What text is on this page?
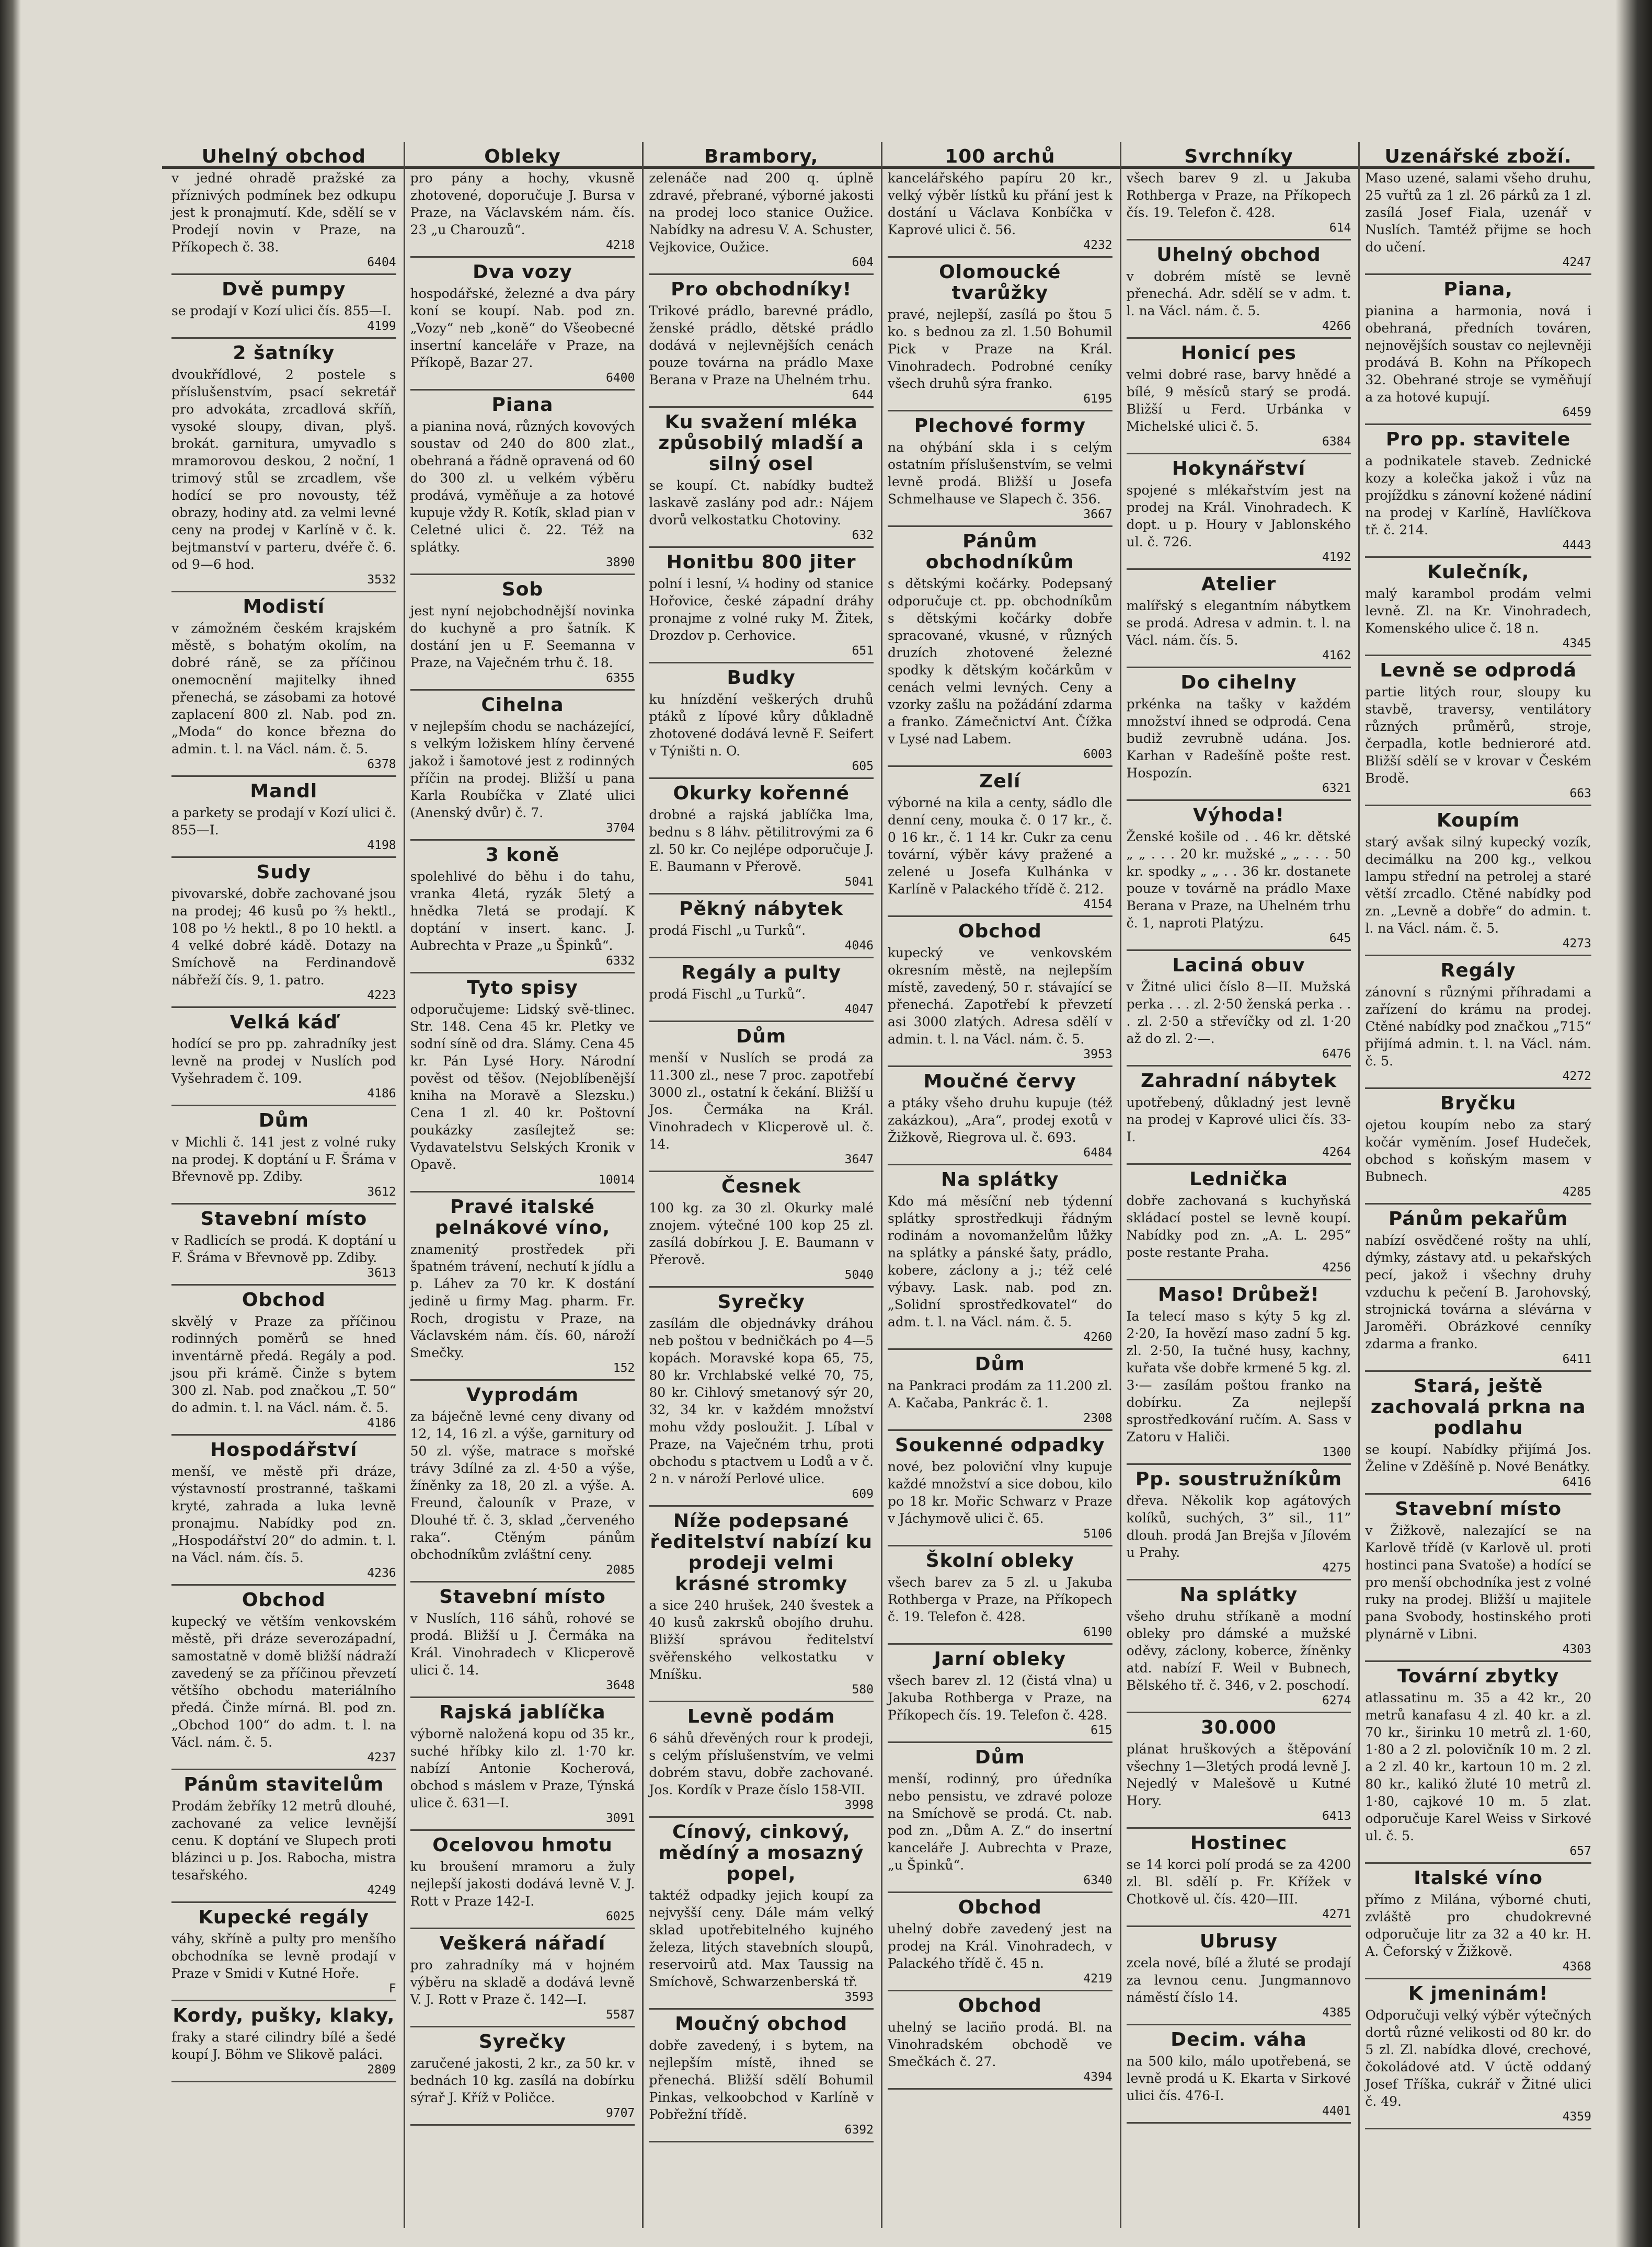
Uhelný obchod
v jedné ohradě pražské za příznivých podmínek bez odkupu jest k pronajmutí. Kde, sdělí se v Prodejí novin v Praze, na Příkopech č. 38.
6404
Dvě pumpy
se prodají v Kozí ulici čís. 855—I.
4199
2 šatníky
dvoukřídlové, 2 postele s příslušenstvím, psací sekretář pro advokáta, zrcadlová skříň, vysoké sloupy, divan, plyš. brokát. garnitura, umyvadlo s mramorovou deskou, 2 noční, 1 trimový stůl se zrcadlem, vše hodící se pro novousty, též obrazy, hodiny atd. za velmi levné ceny na prodej v Karlíně v č. k. bejtmanství v parteru, dvéře č. 6. od 9—6 hod.
3532
Modistí
v zámožném českém krajském městě, s bohatým okolím, na dobré ráně, se za příčinou onemocnění majitelky ihned přenechá, se zásobami za hotové zaplacení 800 zl. Nab. pod zn. „Moda“ do konce března do admin. t. l. na Václ. nám. č. 5.
6378
Mandl
a parkety se prodají v Kozí ulici č. 855—I.
4198
Sudy
pivovarské, dobře zachované jsou na prodej; 46 kusů po ⅔ hektl., 108 po ½ hektl., 8 po 10 hektl. a 4 velké dobré kádě. Dotazy na Smíchově na Ferdinandově nábřeží čís. 9, 1. patro.
4223
Velká káď
hodící se pro pp. zahradníky jest levně na prodej v Nuslích pod Vyšehradem č. 109.
4186
Dům
v Michli č. 141 jest z volné ruky na prodej. K doptání u F. Šráma v Břevnově pp. Zdiby.
3612
Stavební místo
v Radlicích se prodá. K doptání u F. Šráma v Břevnově pp. Zdiby.
3613
Obchod
skvělý v Praze za příčinou rodinných poměrů se hned inventárně předá. Regály a pod. jsou při krámě. Činže s bytem 300 zl. Nab. pod značkou „T. 50“ do admin. t. l. na Václ. nám. č. 5.
4186
Hospodářství
menší, ve městě při dráze, výstavností prostranné, taškami kryté, zahrada a luka levně pronajmu. Nabídky pod zn. „Hospodářství 20“ do admin. t. l. na Václ. nám. čís. 5.
4236
Obchod
kupecký ve větším venkovském městě, při dráze severozápadní, samostatně v domě bližší nádraží zavedený se za příčinou převzetí většího obchodu materiálního předá. Činže mírná. Bl. pod zn. „Obchod 100“ do adm. t. l. na Václ. nám. č. 5.
4237
Pánům stavitelům
Prodám žebříky 12 metrů dlouhé, zachované za velice levnější cenu. K doptání ve Slupech proti blázinci u p. Jos. Rabocha, mistra tesařského.
4249
Kupecké regály
váhy, skříně a pulty pro menšího obchodníka se levně prodají v Praze v Smidi v Kutné Hoře.
F
Kordy, pušky, klaky,
fraky a staré cilindry bílé a šedé koupí J. Böhm ve Slikově paláci.
2809
Obleky
pro pány a hochy, vkusně zhotovené, doporučuje J. Bursa v Praze, na Václavském nám. čís. 23 „u Charouzů“.
4218
Dva vozy
hospodářské, železné a dva páry koní se koupí. Nab. pod zn. „Vozy“ neb „koně“ do Všeobecné insertní kanceláře v Praze, na Příkopě, Bazar 27.
6400
Piana
a pianina nová, různých kovových soustav od 240 do 800 zlat., obehraná a řádně opravená od 60 do 300 zl. u velkém výběru prodává, vyměňuje a za hotové kupuje vždy R. Kotík, sklad pian v Celetné ulici č. 22. Též na splátky.
3890
Sob
jest nyní nejobchodnější novinka do kuchyně a pro šatník. K dostání jen u F. Seemanna v Praze, na Vaječném trhu č. 18.
6355
Cihelna
v nejlepším chodu se nacházející, s velkým ložiskem hlíny červené jakož i šamotové jest z rodinných příčin na prodej. Bližší u pana Karla Roubíčka v Zlaté ulici (Anenský dvůr) č. 7.
3704
3 koně
spolehlivé do běhu i do tahu, vranka 4letá, ryzák 5letý a hnědka 7letá se prodají. K doptání v insert. kanc. J. Aubrechta v Praze „u Špinků“.
6332
Tyto spisy
odporučujeme: Lidský svě-tlinec. Str. 148. Cena 45 kr. Pletky ve sodní síně od dra. Slámy. Cena 45 kr. Pán Lysé Hory. Národní pověst od těšov. (Nejoblíbenější kniha na Moravě a Slezsku.) Cena 1 zl. 40 kr. Poštovní poukázky zasílejtež se: Vydavatelstvu Selských Kronik v Opavě.
10014
Pravé italské pelnákové víno,
znamenitý prostředek při špatném trávení, nechutí k jídlu a p. Láhev za 70 kr. K dostání jedině u firmy Mag. pharm. Fr. Roch, drogistu v Praze, na Václavském nám. čís. 60, nároží Smečky.
152
Vyprodám
za báječně levné ceny divany od 12, 14, 16 zl. a výše, garnitury od 50 zl. výše, matrace s mořské trávy 3dílné za zl. 4·50 a výše, žíněnky za 18, 20 zl. a výše. A. Freund, čalouník v Praze, v Dlouhé tř. č. 3, sklad „červeného raka“. Ctěným pánům obchodníkům zvláštní ceny.
2085
Stavební místo
v Nuslích, 116 sáhů, rohové se prodá. Bližší u J. Čermáka na Král. Vinohradech v Klicperově ulici č. 14.
3648
Rajská jablíčka
výborně naložená kopu od 35 kr., suché hříbky kilo zl. 1·70 kr. nabízí Antonie Kocherová, obchod s máslem v Praze, Týnská ulice č. 631—I.
3091
Ocelovou hmotu
ku broušení mramoru a žuly nejlepší jakosti dodává levně V. J. Rott v Praze 142-I.
6025
Veškerá nářadí
pro zahradníky má v hojném výběru na skladě a dodává levně V. J. Rott v Praze č. 142—I.
5587
Syrečky
zaručené jakosti, 2 kr., za 50 kr. v bednách 10 kg. zasílá na dobírku sýrař J. Kříž v Poličce.
9707
Brambory,
zelenáče nad 200 q. úplně zdravé, přebrané, výborné jakosti na prodej loco stanice Oužice. Nabídky na adresu V. A. Schuster, Vejkovice, Oužice.
604
Pro obchodníky!
Trikové prádlo, barevné prádlo, ženské prádlo, dětské prádlo dodává v nejlevnějších cenách pouze továrna na prádlo Maxe Berana v Praze na Uhelném trhu.
644
Ku svažení mléka způsobilý mladší a silný osel
se koupí. Ct. nabídky budtež laskavě zaslány pod adr.: Nájem dvorů velkostatku Chotoviny.
632
Honitbu 800 jiter
polní i lesní, ¼ hodiny od stanice Hořovice, české západní dráhy pronajme z volné ruky M. Žitek, Drozdov p. Cerhovice.
651
Budky
ku hnízdění veškerých druhů ptáků z lípové kůry důkladně zhotovené dodává levně F. Seifert v Týništi n. O.
605
Okurky kořenné
drobné a rajská jablíčka lma, bednu s 8 láhv. pětilitrovými za 6 zl. 50 kr. Co nejlépe odporučuje J. E. Baumann v Přerově.
5041
Pěkný nábytek
prodá Fischl „u Turků“.
4046
Regály a pulty
prodá Fischl „u Turků“.
4047
Dům
menší v Nuslích se prodá za 11.300 zl., nese 7 proc. zapotřebí 3000 zl., ostatní k čekání. Bližší u Jos. Čermáka na Král. Vinohradech v Klicperově ul. č. 14.
3647
Česnek
100 kg. za 30 zl. Okurky malé znojem. výtečné 100 kop 25 zl. zasílá dobírkou J. E. Baumann v Přerově.
5040
Syrečky
zasílám dle objednávky dráhou neb poštou v bedničkách po 4—5 kopách. Moravské kopa 65, 75, 80 kr. Vrchlabské velké 70, 75, 80 kr. Cihlový smetanový sýr 20, 32, 34 kr. v každém množství mohu vždy posloužit. J. Líbal v Praze, na Vaječném trhu, proti obchodu s ptactvem u Lodů a v č. 2 n. v nároží Perlové ulice.
609
Níže podepsané ředitelství nabízí ku prodeji velmi krásné stromky
a sice 240 hrušek, 240 švestek a 40 kusů zakrsků obojího druhu. Bližší správou ředitelství svěřenského velkostatku v Mníšku.
580
Levně podám
6 sáhů dřevěných rour k prodeji, s celým příslušenstvím, ve velmi dobrém stavu, dobře zachované. Jos. Kordík v Praze číslo 158-VII.
3998
Cínový, cinkový, mědíný a mosazný popel,
taktéž odpadky jejich koupí za nejvyšší ceny. Dále mám velký sklad upotřebitelného kujného železa, litých stavebních sloupů, reservoirů atd. Max Taussig na Smíchově, Schwarzenberská tř.
3593
Moučný obchod
dobře zavedený, i s bytem, na nejlepším místě, ihned se přenechá. Bližší sdělí Bohumil Pinkas, velkoobchod v Karlíně v Pobřežní třídě.
6392
100 archů
kancelářského papíru 20 kr., velký výběr lístků ku přání jest k dostání u Václava Konbíčka v Kaprové ulici č. 56.
4232
Olomoucké tvarůžky
pravé, nejlepší, zasílá po štou 5 ko. s bednou za zl. 1.50 Bohumil Pick v Praze na Král. Vinohradech. Podrobné ceníky všech druhů sýra franko.
6195
Plechové formy
na ohýbání skla i s celým ostatním příslušenstvím, se velmi levně prodá. Bližší u Josefa Schmelhause ve Slapech č. 356.
3667
Pánům obchodníkům
s dětskými kočárky. Podepsaný odporučuje ct. pp. obchodníkům s dětskými kočárky dobře spracované, vkusné, v různých druzích zhotovené železné spodky k dětským kočárkům v cenách velmi levných. Ceny a vzorky zašlu na požádání zdarma a franko. Zámečnictví Ant. Čížka v Lysé nad Labem.
6003
Zelí
výborné na kila a centy, sádlo dle denní ceny, mouka č. 0 17 kr., č. 0 16 kr., č. 1 14 kr. Cukr za cenu tovární, výběr kávy pražené a zelené u Josefa Kulhánka v Karlíně v Palackého třídě č. 212.
4154
Obchod
kupecký ve venkovském okresním městě, na nejlepším místě, zavedený, 50 r. stávající se přenechá. Zapotřebí k převzetí asi 3000 zlatých. Adresa sdělí v admin. t. l. na Václ. nám. č. 5.
3953
Moučné červy
a ptáky všeho druhu kupuje (též zakázkou), „Ara“, prodej exotů v Žižkově, Riegrova ul. č. 693.
6484
Na splátky
Kdo má měsíční neb týdenní splátky sprostředkuji řádným rodinám a novomanželům lůžky na splátky a pánské šaty, prádlo, kobere, záclony a j.; též celé výbavy. Lask. nab. pod zn. „Solidní sprostředkovatel“ do adm. t. l. na Václ. nám. č. 5.
4260
Dům
na Pankraci prodám za 11.200 zl. A. Kačaba, Pankrác č. 1.
2308
Soukenné odpadky
nové, bez poloviční vlny kupuje každé množství a sice dobou, kilo po 18 kr. Mořic Schwarz v Praze v Jáchymově ulici č. 65.
5106
Školní obleky
všech barev za 5 zl. u Jakuba Rothberga v Praze, na Příkopech č. 19. Telefon č. 428.
6190
Jarní obleky
všech barev zl. 12 (čistá vlna) u Jakuba Rothberga v Praze, na Příkopech čís. 19. Telefon č. 428.
615
Dům
menší, rodinný, pro úředníka nebo pensistu, ve zdravé poloze na Smíchově se prodá. Ct. nab. pod zn. „Dům A. Z.“ do insertní kanceláře J. Aubrechta v Praze, „u Špinků“.
6340
Obchod
uhelný dobře zavedený jest na prodej na Král. Vinohradech, v Palackého třídě č. 45 n.
4219
Obchod
uhelný se laciño prodá. Bl. na Vinohradském obchodě ve Smečkách č. 27.
4394
Svrchníky
všech barev 9 zl. u Jakuba Rothberga v Praze, na Příkopech čís. 19. Telefon č. 428.
614
Uhelný obchod
v dobrém místě se levně přenechá. Adr. sdělí se v adm. t. l. na Václ. nám. č. 5.
4266
Honicí pes
velmi dobré rase, barvy hnědé a bílé, 9 měsíců starý se prodá. Bližší u Ferd. Urbánka v Michelské ulici č. 5.
6384
Hokynářství
spojené s mlékařstvím jest na prodej na Král. Vinohradech. K dopt. u p. Houry v Jablonského ul. č. 726.
4192
Atelier
malířský s elegantním nábytkem se prodá. Adresa v admin. t. l. na Václ. nám. čís. 5.
4162
Do cihelny
prkénka na tašky v každém množství ihned se odprodá. Cena budiž zevrubně udána. Jos. Karhan v Radešíně pošte rest. Hospozín.
6321
Výhoda!
Ženské košile od . . 46 kr. dětské „ „ . . . 20 kr. mužské „ „ . . . 50 kr. spodky „ „ . . 36 kr. dostanete pouze v továrně na prádlo Maxe Berana v Praze, na Uhelném trhu č. 1, naproti Platýzu.
645
Laciná obuv
v Žitné ulici číslo 8—II. Mužská perka . . . zl. 2·50 ženská perka . . . zl. 2·50 a střevíčky od zl. 1·20 až do zl. 2·—.
6476
Zahradní nábytek
upotřebený, důkladný jest levně na prodej v Kaprové ulici čís. 33-I.
4264
Lednička
dobře zachovaná s kuchyňská skládací postel se levně koupí. Nabídky pod zn. „A. L. 295“ poste restante Praha.
4256
Maso! Drůbež!
Ia telecí maso s kýty 5 kg zl. 2·20, Ia hovězí maso zadní 5 kg. zl. 2·50, Ia tučné husy, kachny, kuřata vše dobře krmené 5 kg. zl. 3·— zasílám poštou franko na dobírku. Za nejlepší sprostředkování ručím. A. Sass v Zatoru v Haliči.
1300
Pp. soustružníkům
dřeva. Několik kop agátových kolíků, suchých, 3” sil., 11” dlouh. prodá Jan Brejša v Jílovém u Prahy.
4275
Na splátky
všeho druhu stříkaně a modní obleky pro dámské a mužské oděvy, záclony, koberce, žíněnky atd. nabízí F. Weil v Bubnech, Bělského tř. č. 346, v 2. poschodí.
6274
30.000
plánat hruškových a štěpování všechny 1—3letých prodá levně J. Nejedlý v Malešově u Kutné Hory.
6413
Hostinec
se 14 korci polí prodá se za 4200 zl. Bl. sdělí p. Fr. Křížek v Chotkově ul. čís. 420—III.
4271
Ubrusy
zcela nové, bílé a žluté se prodají za levnou cenu. Jungmannovo náměstí číslo 14.
4385
Decim. váha
na 500 kilo, málo upotřebená, se levně prodá u K. Ekarta v Sirkové ulici čís. 476-I.
4401
Uzenářské zboží.
Maso uzené, salami všeho druhu, 25 vuřtů za 1 zl. 26 párků za 1 zl. zasílá Josef Fiala, uzenář v Nuslích. Tamtéž přijme se hoch do učení.
4247
Piana,
pianina a harmonia, nová i obehraná, předních továren, nejnovějších soustav co nejlevněji prodává B. Kohn na Příkopech 32. Obehrané stroje se vyměňují a za hotové kupují.
6459
Pro pp. stavitele
a podnikatele staveb. Zednické kozy a kolečka jakož i vůz na projíždku s zánovní kožené nádiní na prodej v Karlíně, Havlíčkova tř. č. 214.
4443
Kulečník,
malý karambol prodám velmi levně. Zl. na Kr. Vinohradech, Komenského ulice č. 18 n.
4345
Levně se odprodá
partie litých rour, sloupy ku stavbě, traversy, ventilátory různých průměrů, stroje, čerpadla, kotle bednieroré atd. Bližší sdělí se v krovar v Českém Brodě.
663
Koupím
starý avšak silný kupecký vozík, decimálku na 200 kg., velkou lampu střední na petrolej a staré větší zrcadlo. Ctěné nabídky pod zn. „Levně a dobře“ do admin. t. l. na Václ. nám. č. 5.
4273
Regály
zánovní s různými příhradami a zařízení do krámu na prodej. Ctěné nabídky pod značkou „715“ přijímá admin. t. l. na Václ. nám. č. 5.
4272
Bryčku
ojetou koupím nebo za starý kočár vyměním. Josef Hudeček, obchod s koňským masem v Bubnech.
4285
Pánům pekařům
nabízí osvědčené rošty na uhlí, dýmky, zástavy atd. u pekařských pecí, jakož i všechny druhy vzduchu k pečení B. Jarohovský, strojnická továrna a slévárna v Jaroměři. Obrázkové cenníky zdarma a franko.
6411
Stará, ještě zachovalá prkna na podlahu
se koupí. Nabídky přijímá Jos. Želine v Zděšíně p. Nové Benátky.
6416
Stavební místo
v Žižkově, nalezající se na Karlově třídě (v Karlově ul. proti hostinci pana Svatoše) a hodící se pro menší obchodníka jest z volné ruky na prodej. Bližší u majitele pana Svobody, hostinského proti plynárně v Libni.
4303
Tovární zbytky
atlassatinu m. 35 a 42 kr., 20 metrů kanafasu 4 zl. 40 kr. a zl. 70 kr., širinku 10 metrů zl. 1·60, 1·80 a 2 zl. polovičník 10 m. 2 zl. a 2 zl. 40 kr., kartoun 10 m. 2 zl. 80 kr., kalikó žluté 10 metrů zl. 1·80, cajkové 10 m. 5 zlat. odporučuje Karel Weiss v Sirkové ul. č. 5.
657
Italské víno
přímo z Milána, výborné chuti, zvláště pro chudokrevné odporučuje litr za 32 a 40 kr. H. A. Čeforský v Žižkově.
4368
K jmeninám!
Odporučuji velký výběr výtečných dortů různé velikosti od 80 kr. do 5 zl. Zl. nabídka dlové, crechové, čokoládové atd. V úctě oddaný Josef Tříška, cukrář v Žitné ulici č. 49.
4359
